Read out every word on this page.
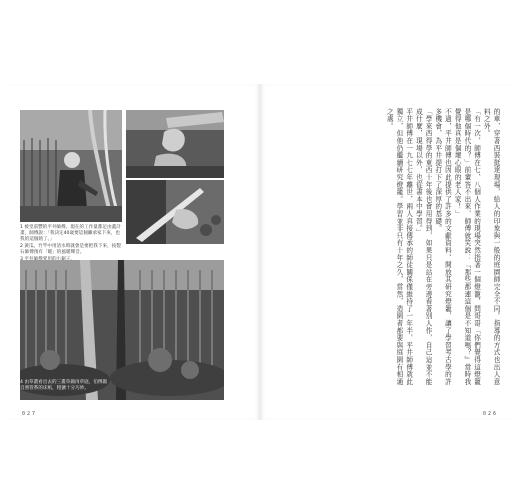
1 被堂前豐的平井師傅。現在的工作量都足由蓋計畫，師傅說：「我決定40歲要這個繼承家下來，也我的這個熱了。」

2 黃瓜、竹竿中用清水時就會是要把我下來，按製石師傅預有「暖」的風暖聲音。

4 由草叢看出去的三叢草錦再草庭，伯傅親自照管系的床纸，粗獷十分巧妙。
027

的車，穿著西裝挺達現場，給人的印象與一般的庭園師完全不同。指導的方式也出人意料之外。

「有一次，師傅在七、八個人作業的現場突然指著一個燈籠，問哥哥「你們覺得這燈籠是哪個時代的？」前輩答不出來，師傅就笑說：『那些都連這個是不知道嗎？』當時我覺得他真是個壞心眼的老人家！」

不過，平井師傅也因此提供了許多的文獻資料、開放其研究燈籠，讓了學習考古學的許多機會，為平井提打下了深厚的基礎。

「學來西得學的東西十年後也會用得到，如果只是站在旁邊看著別人作，自己這並不能成什麼，現場以外，也從書本中學習。」

平井師傅在一九七七年離世，兩人真接傳承的師徒關係僅維持了一年半，平井師傅就此獨立，但他仍繼續研究燈籠。學習並非只有十年之久，當然，造園者都要與庭園有相通之處。

026
